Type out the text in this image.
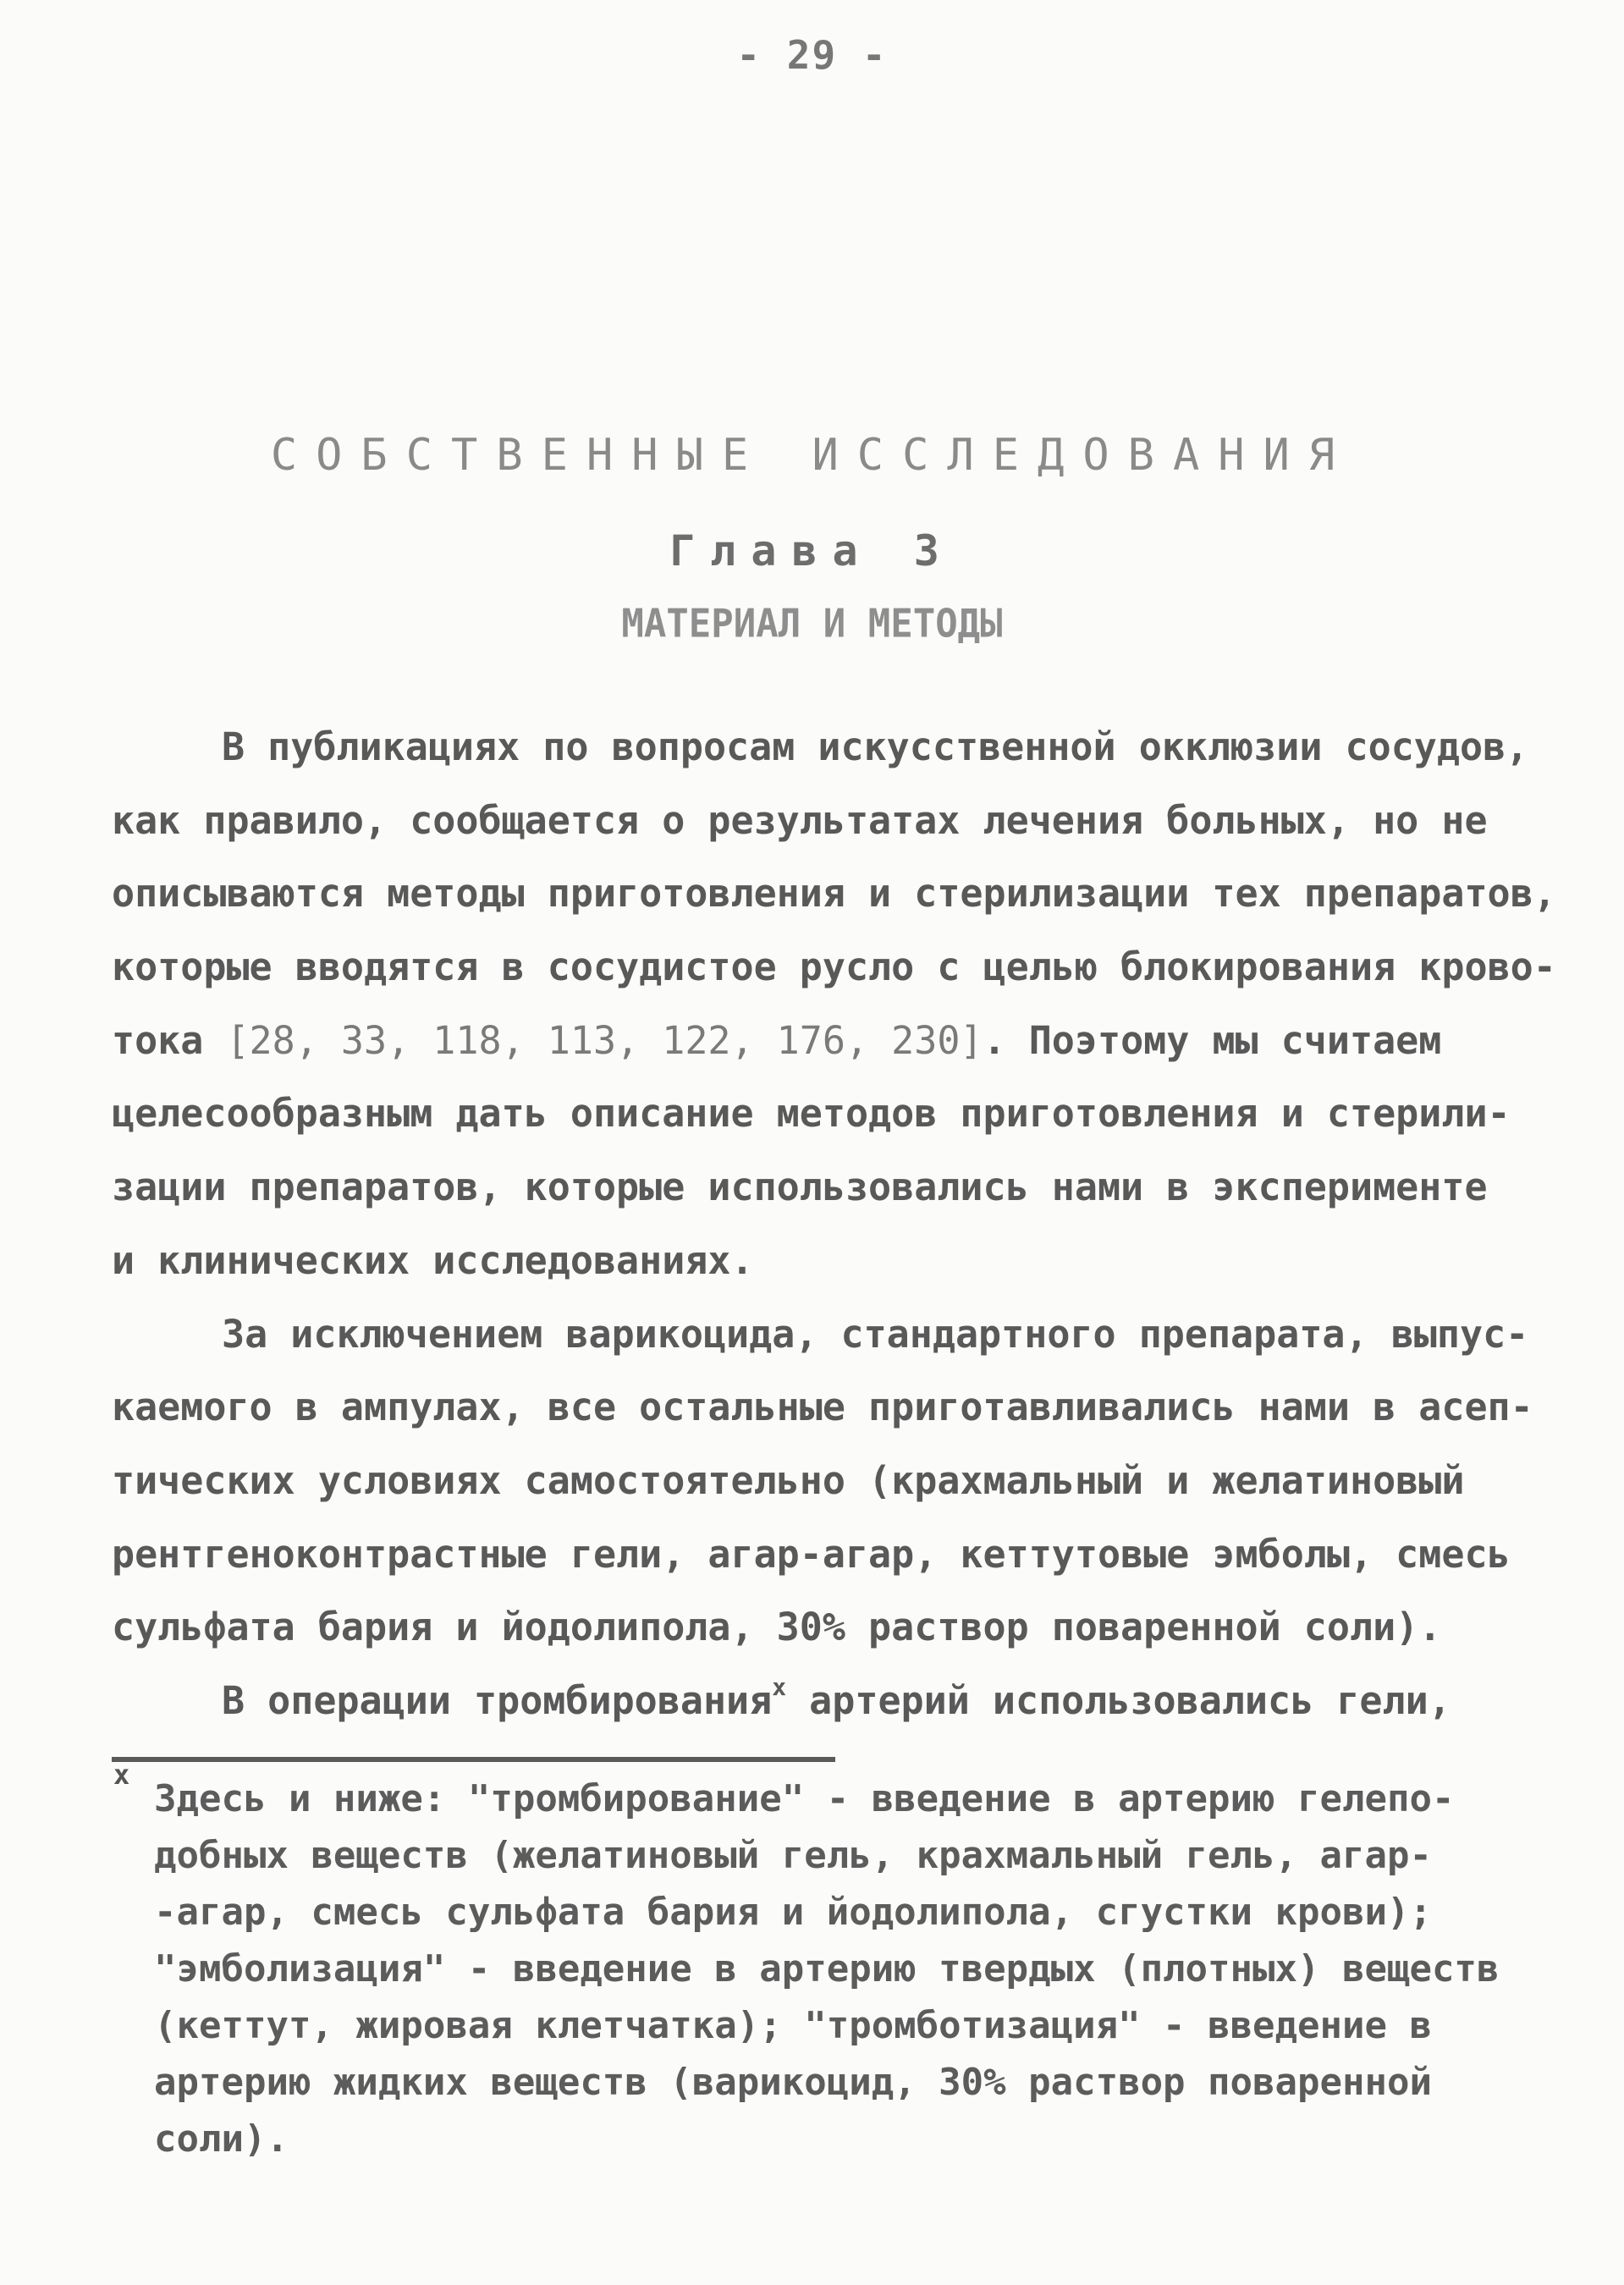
- 29 -
СОБСТВЕННЫЕ ИССЛЕДОВАНИЯ
Глава 3
МАТЕРИАЛ И МЕТОДЫ
В публикациях по вопросам искусственной окклюзии сосудов,
как правило, сообщается о результатах лечения больных, но не
описываются методы приготовления и стерилизации тех препаратов,
которые вводятся в сосудистое русло с целью блокирования крово-
тока [28, 33, 118, 113, 122, 176, 230]. Поэтому мы считаем
целесообразным дать описание методов приготовления и стерили-
зации препаратов, которые использовались нами в эксперименте
и клинических исследованиях.
За исключением варикоцида, стандартного препарата, выпус-
каемого в ампулах, все остальные приготавливались нами в асеп-
тических условиях самостоятельно (крахмальный и желатиновый
рентгеноконтрастные гели, агар-агар, кеттутовые эмболы, смесь
сульфата бария и йодолипола, 30% раствор поваренной соли).
В операции тромбирования$^x$ артерий использовались гели,
x
Здесь и ниже: "тромбирование" - введение в артерию гелепо-
добных веществ (желатиновый гель, крахмальный гель, агар-
-агар, смесь сульфата бария и йодолипола, сгустки крови);
"эмболизация" - введение в артерию твердых (плотных) веществ
(кеттут, жировая клетчатка); "тромботизация" - введение в
артерию жидких веществ (варикоцид, 30% раствор поваренной
соли).
